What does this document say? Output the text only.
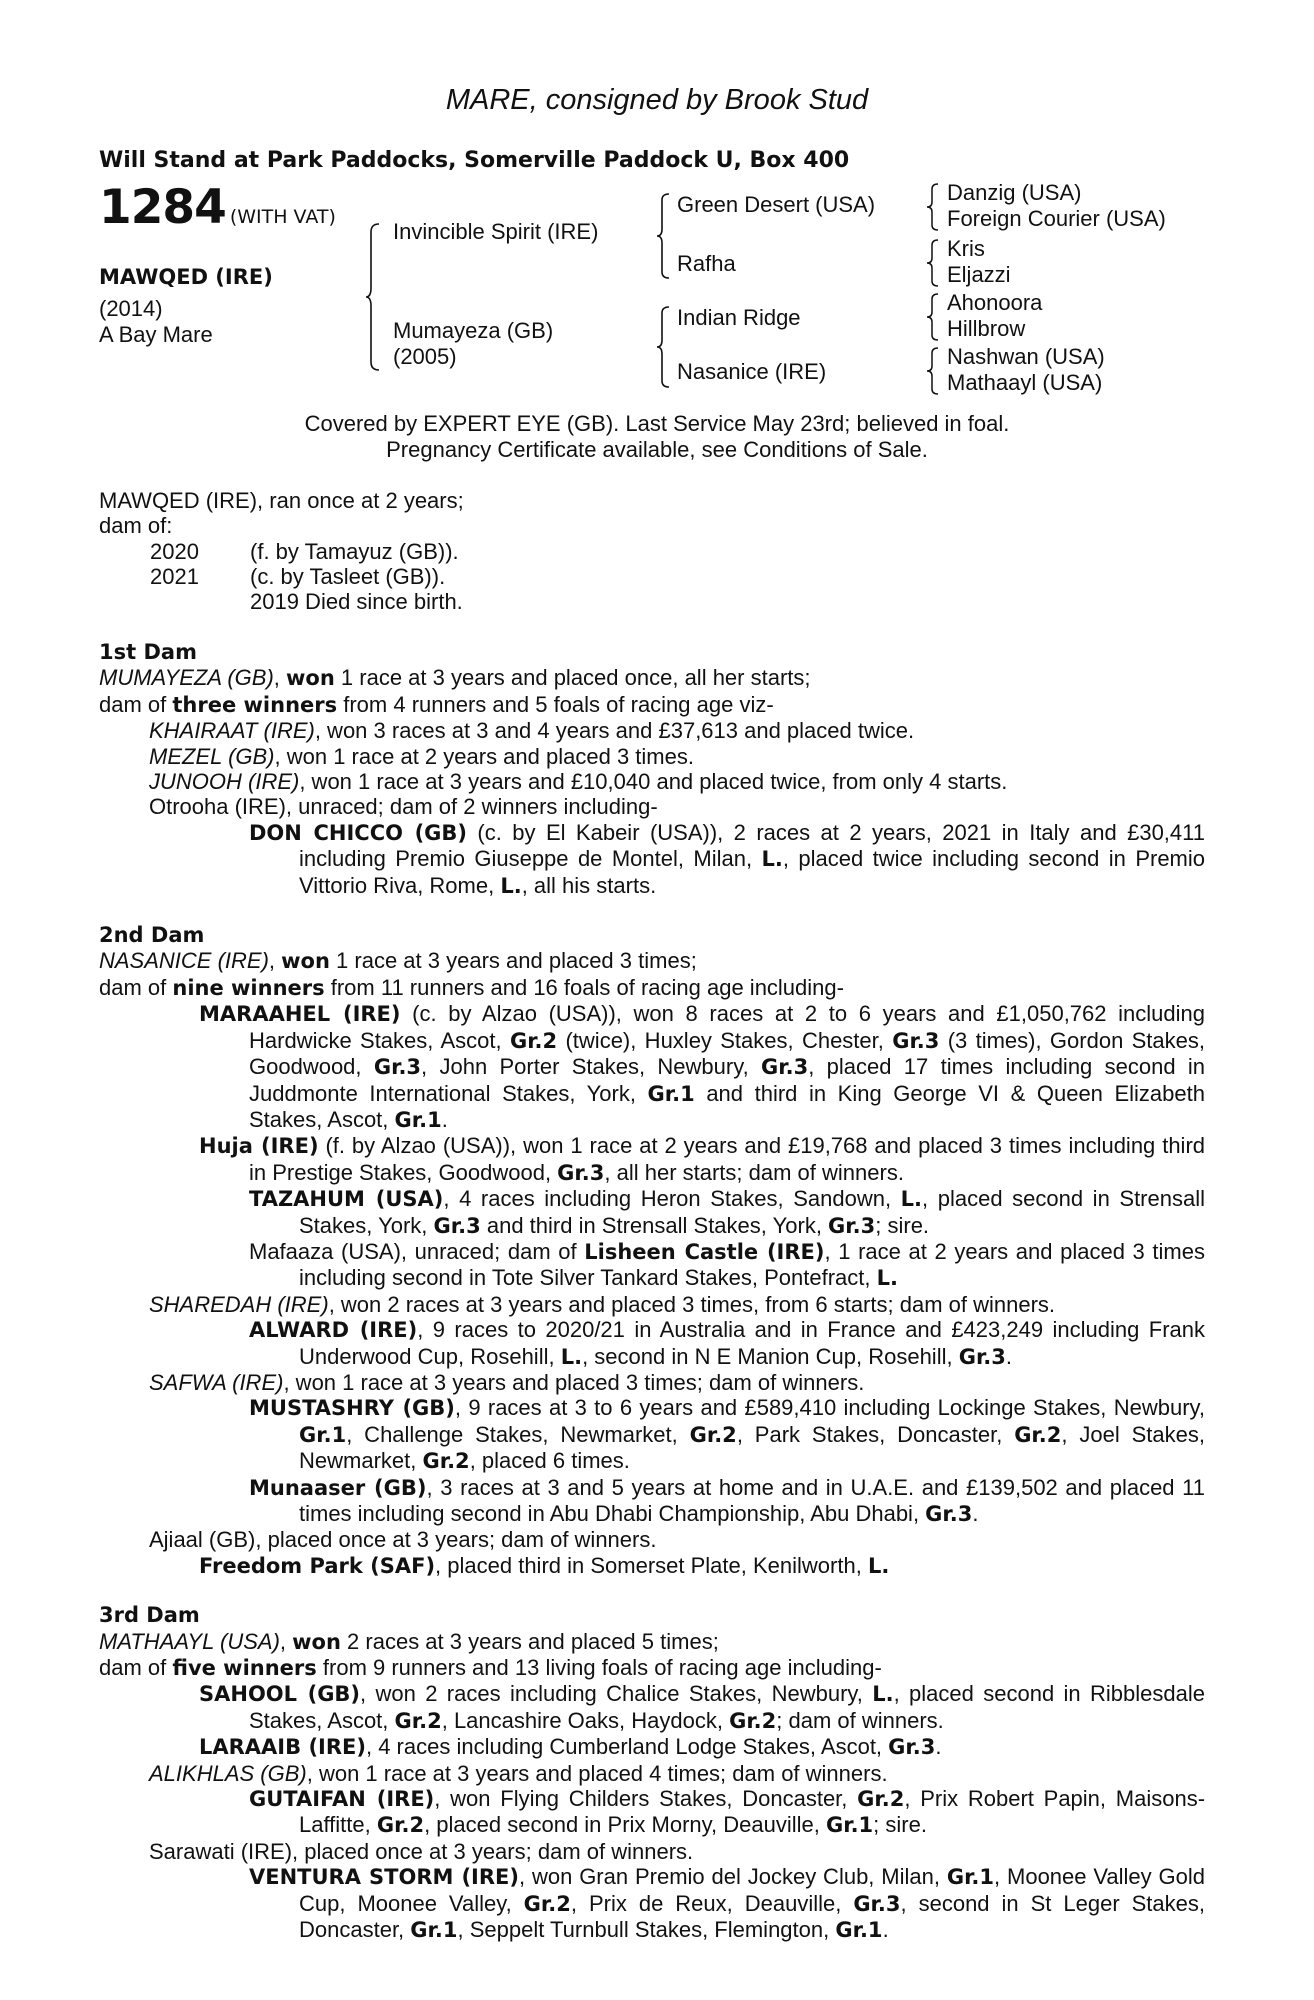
MARE, consigned by Brook Stud
Will Stand at Park Paddocks, Somerville Paddock U, Box 400
1284 (WITH VAT)
MAWQED (IRE)
(2014)
A Bay Mare
Invincible Spirit (IRE)
Mumayeza (GB)
(2005)
Green Desert (USA)
Rafha
Indian Ridge
Nasanice (IRE)
Danzig (USA)
Foreign Courier (USA)
Kris
Eljazzi
Ahonoora
Hillbrow
Nashwan (USA)
Mathaayl (USA)
Covered by EXPERT EYE (GB). Last Service May 23rd; believed in foal.
Pregnancy Certificate available, see Conditions of Sale.
MAWQED (IRE), ran once at 2 years;
dam of:
2020 (f. by Tamayuz (GB)).
2021 (c. by Tasleet (GB)).
2019 Died since birth.
1st Dam
MUMAYEZA (GB), won 1 race at 3 years and placed once, all her starts;
dam of three winners from 4 runners and 5 foals of racing age viz-
KHAIRAAT (IRE), won 3 races at 3 and 4 years and £37,613 and placed twice.
MEZEL (GB), won 1 race at 2 years and placed 3 times.
JUNOOH (IRE), won 1 race at 3 years and £10,040 and placed twice, from only 4 starts.
Otrooha (IRE), unraced; dam of 2 winners including-
DON CHICCO (GB) (c. by El Kabeir (USA)), 2 races at 2 years, 2021 in Italy and £30,411 including Premio Giuseppe de Montel, Milan, L., placed twice including second in Premio Vittorio Riva, Rome, L., all his starts.
2nd Dam
NASANICE (IRE), won 1 race at 3 years and placed 3 times;
dam of nine winners from 11 runners and 16 foals of racing age including-
MARAAHEL (IRE) (c. by Alzao (USA)), won 8 races at 2 to 6 years and £1,050,762 including Hardwicke Stakes, Ascot, Gr.2 (twice), Huxley Stakes, Chester, Gr.3 (3 times), Gordon Stakes, Goodwood, Gr.3, John Porter Stakes, Newbury, Gr.3, placed 17 times including second in Juddmonte International Stakes, York, Gr.1 and third in King George VI & Queen Elizabeth Stakes, Ascot, Gr.1.
Huja (IRE) (f. by Alzao (USA)), won 1 race at 2 years and £19,768 and placed 3 times including third in Prestige Stakes, Goodwood, Gr.3, all her starts; dam of winners.
TAZAHUM (USA), 4 races including Heron Stakes, Sandown, L., placed second in Strensall Stakes, York, Gr.3 and third in Strensall Stakes, York, Gr.3; sire.
Mafaaza (USA), unraced; dam of Lisheen Castle (IRE), 1 race at 2 years and placed 3 times including second in Tote Silver Tankard Stakes, Pontefract, L.
SHAREDAH (IRE), won 2 races at 3 years and placed 3 times, from 6 starts; dam of winners.
ALWARD (IRE), 9 races to 2020/21 in Australia and in France and £423,249 including Frank Underwood Cup, Rosehill, L., second in N E Manion Cup, Rosehill, Gr.3.
SAFWA (IRE), won 1 race at 3 years and placed 3 times; dam of winners.
MUSTASHRY (GB), 9 races at 3 to 6 years and £589,410 including Lockinge Stakes, Newbury, Gr.1, Challenge Stakes, Newmarket, Gr.2, Park Stakes, Doncaster, Gr.2, Joel Stakes, Newmarket, Gr.2, placed 6 times.
Munaaser (GB), 3 races at 3 and 5 years at home and in U.A.E. and £139,502 and placed 11 times including second in Abu Dhabi Championship, Abu Dhabi, Gr.3.
Ajiaal (GB), placed once at 3 years; dam of winners.
Freedom Park (SAF), placed third in Somerset Plate, Kenilworth, L.
3rd Dam
MATHAAYL (USA), won 2 races at 3 years and placed 5 times;
dam of five winners from 9 runners and 13 living foals of racing age including-
SAHOOL (GB), won 2 races including Chalice Stakes, Newbury, L., placed second in Ribblesdale Stakes, Ascot, Gr.2, Lancashire Oaks, Haydock, Gr.2; dam of winners.
LARAAIB (IRE), 4 races including Cumberland Lodge Stakes, Ascot, Gr.3.
ALIKHLAS (GB), won 1 race at 3 years and placed 4 times; dam of winners.
GUTAIFAN (IRE), won Flying Childers Stakes, Doncaster, Gr.2, Prix Robert Papin, Maisons-Laffitte, Gr.2, placed second in Prix Morny, Deauville, Gr.1; sire.
Sarawati (IRE), placed once at 3 years; dam of winners.
VENTURA STORM (IRE), won Gran Premio del Jockey Club, Milan, Gr.1, Moonee Valley Gold Cup, Moonee Valley, Gr.2, Prix de Reux, Deauville, Gr.3, second in St Leger Stakes, Doncaster, Gr.1, Seppelt Turnbull Stakes, Flemington, Gr.1.
